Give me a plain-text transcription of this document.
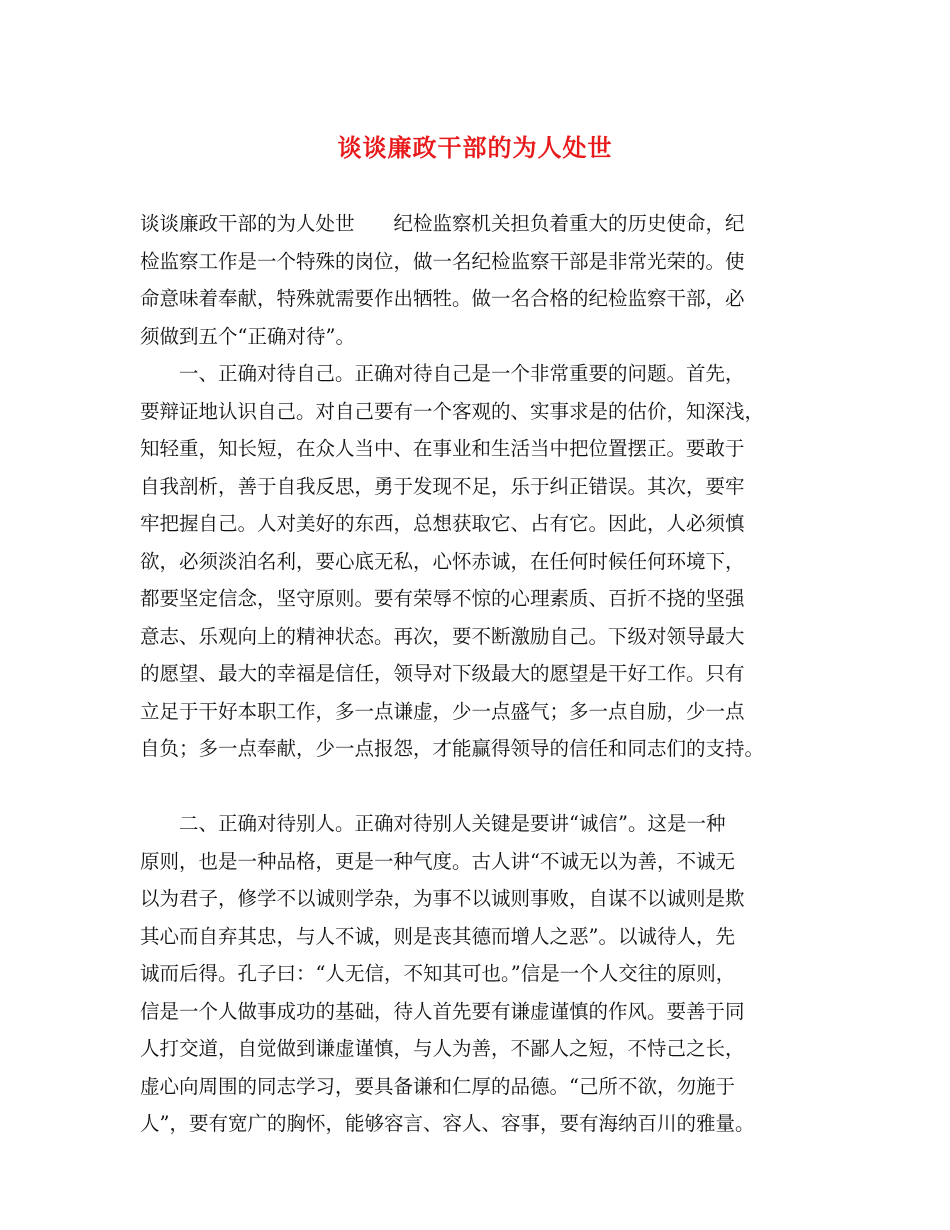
谈谈廉政干部的为人处世
谈谈廉政干部的为人处世　　纪检监察机关担负着重大的历史使命，纪
检监察工作是一个特殊的岗位，做一名纪检监察干部是非常光荣的。使
命意味着奉献，特殊就需要作出牺牲。做一名合格的纪检监察干部，必
须做到五个“正确对待”。
　　一、正确对待自己。正确对待自己是一个非常重要的问题。首先，
要辩证地认识自己。对自己要有一个客观的、实事求是的估价，知深浅，
知轻重，知长短，在众人当中、在事业和生活当中把位置摆正。要敢于
自我剖析，善于自我反思，勇于发现不足，乐于纠正错误。其次，要牢
牢把握自己。人对美好的东西，总想获取它、占有它。因此，人必须慎
欲，必须淡泊名利，要心底无私，心怀赤诚，在任何时候任何环境下，
都要坚定信念，坚守原则。要有荣辱不惊的心理素质、百折不挠的坚强
意志、乐观向上的精神状态。再次，要不断激励自己。下级对领导最大
的愿望、最大的幸福是信任，领导对下级最大的愿望是干好工作。只有
立足于干好本职工作，多一点谦虚，少一点盛气；多一点自励，少一点
自负；多一点奉献，少一点报怨，才能赢得领导的信任和同志们的支持。
　　二、正确对待别人。正确对待别人关键是要讲“诚信”。这是一种
原则，也是一种品格，更是一种气度。古人讲“不诚无以为善，不诚无
以为君子，修学不以诚则学杂，为事不以诚则事败，自谋不以诚则是欺
其心而自弃其忠，与人不诚，则是丧其德而增人之恶”。以诚待人，先
诚而后得。孔子曰：“人无信，不知其可也。”信是一个人交往的原则，
信是一个人做事成功的基础，待人首先要有谦虚谨慎的作风。要善于同
人打交道，自觉做到谦虚谨慎，与人为善，不鄙人之短，不恃己之长，
虚心向周围的同志学习，要具备谦和仁厚的品德。“己所不欲，勿施于
人”，要有宽广的胸怀，能够容言、容人、容事，要有海纳百川的雅量。
